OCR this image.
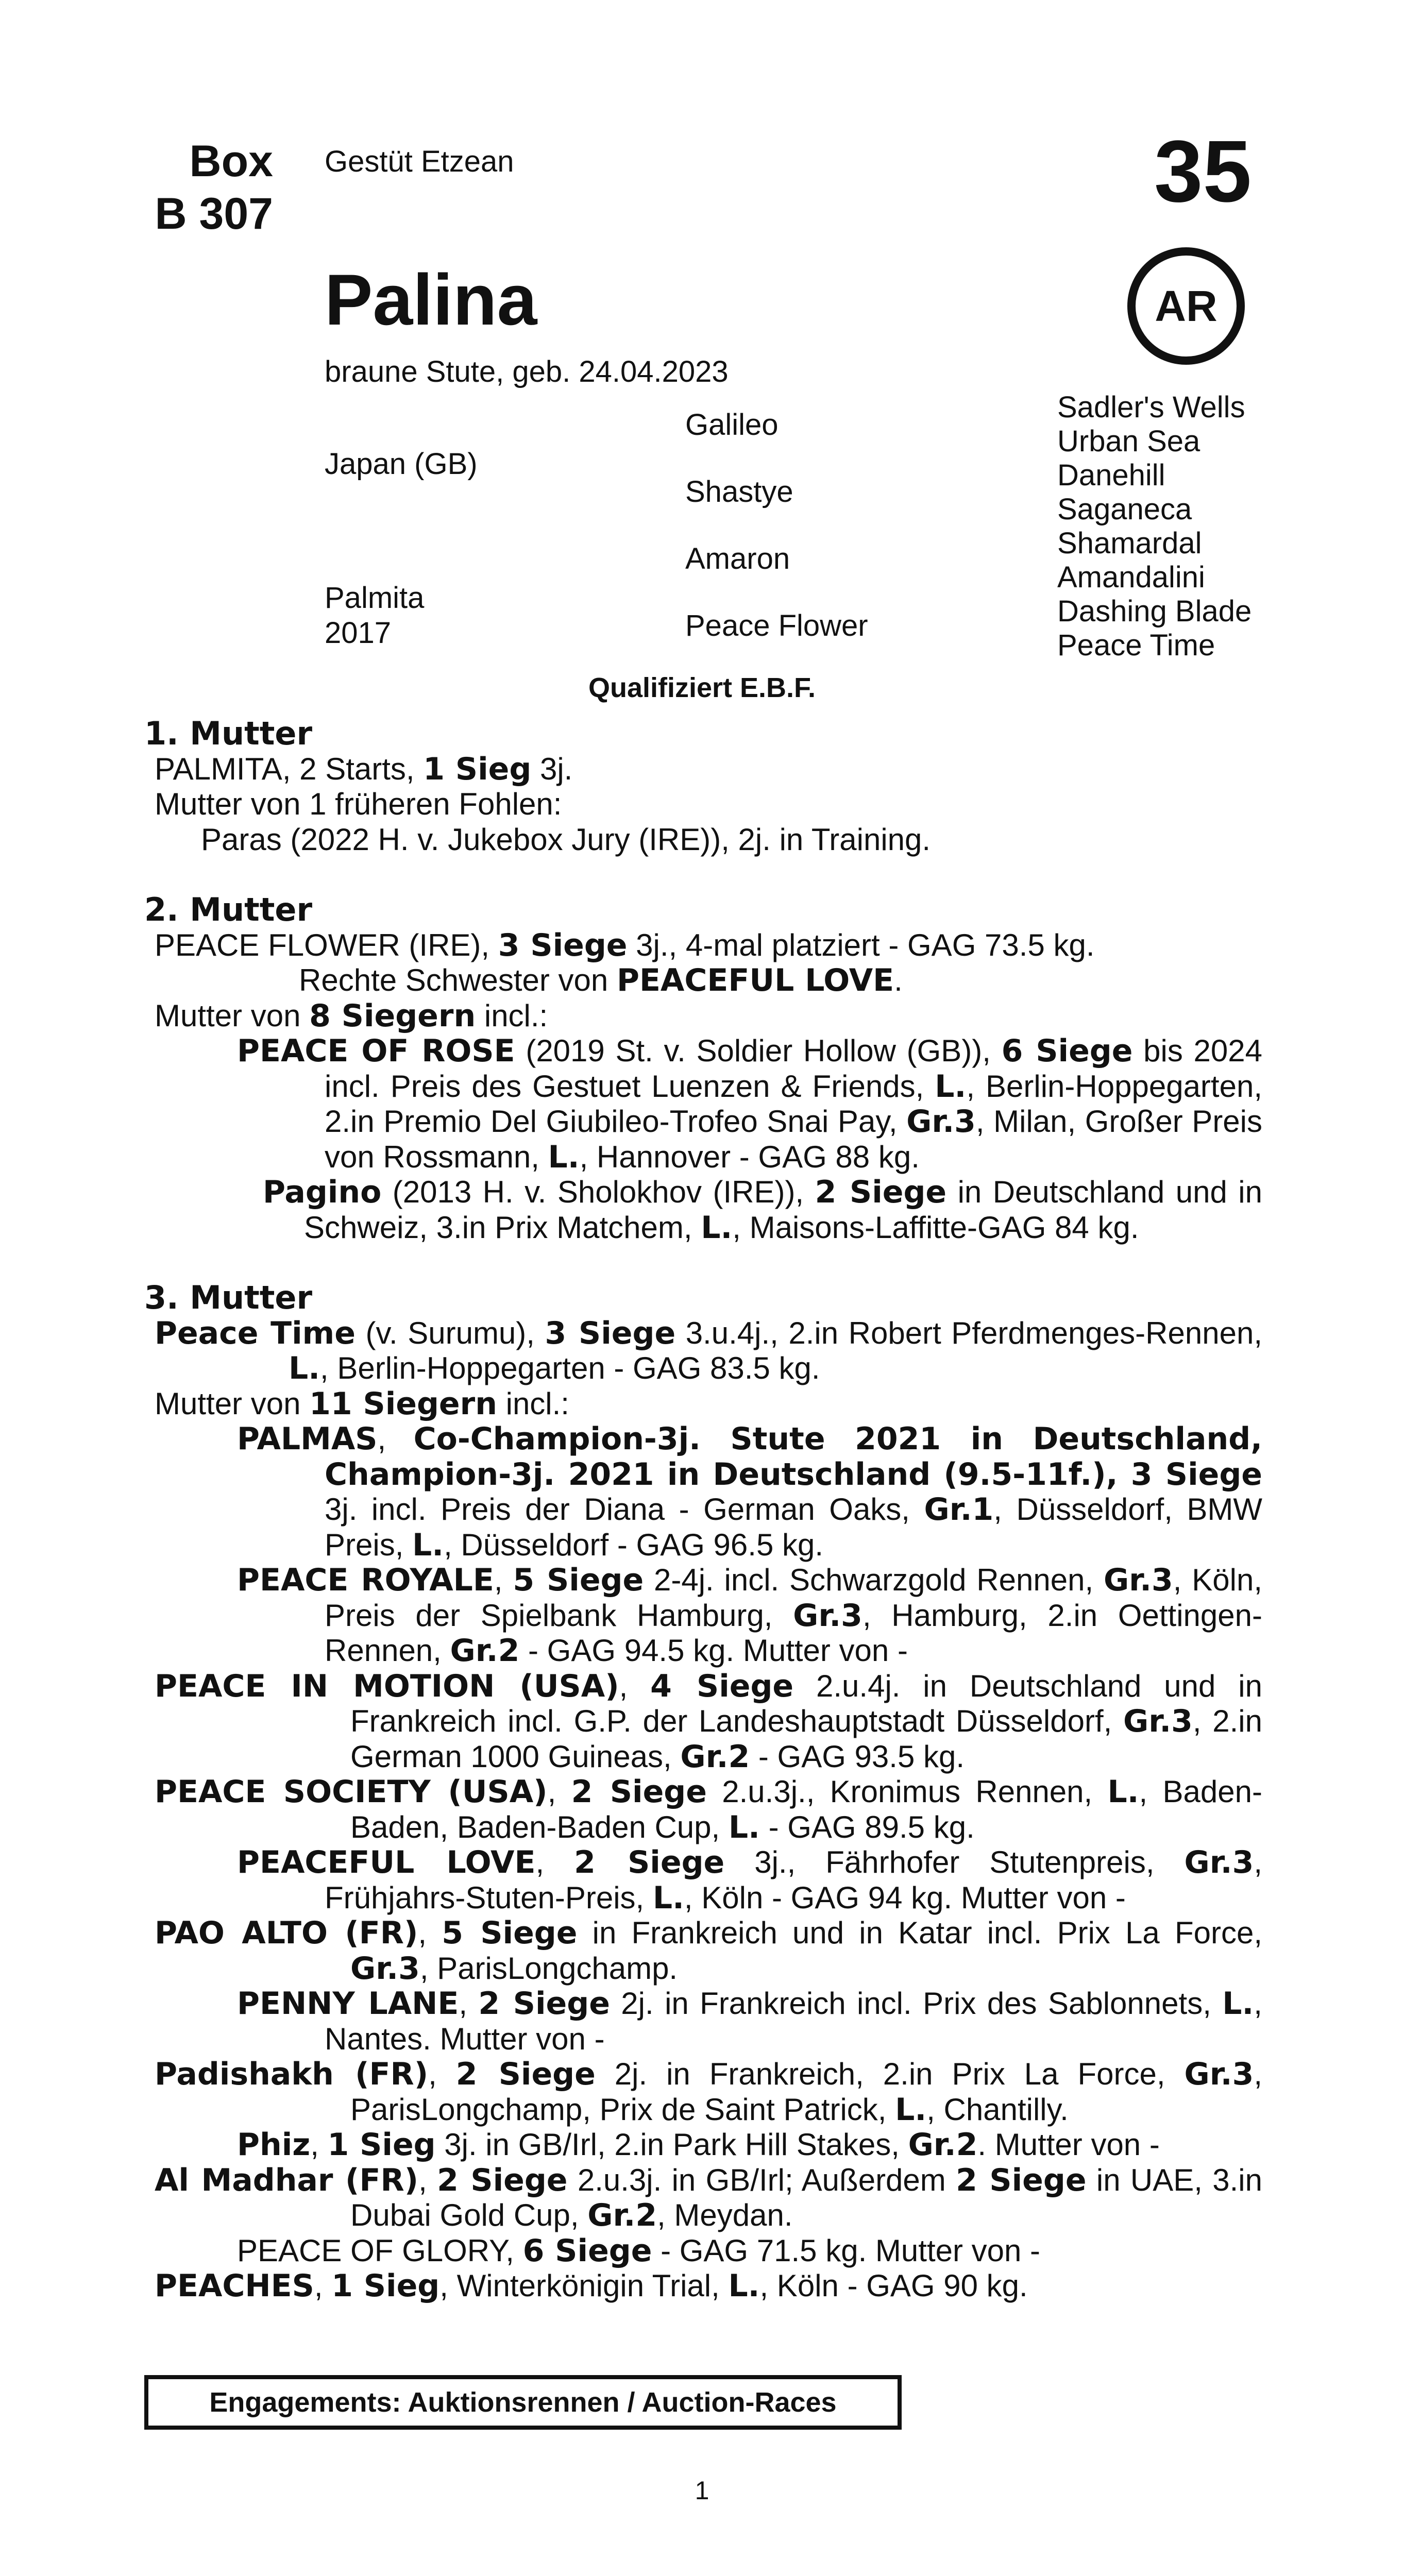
Box
B 307
Gestüt Etzean	35
AR
Palina
braune Stute, geb. 24.04.2023
Japan (GB)
Palmita
2017
Galileo
Shastye
Amaron
Peace Flower
Sadler's Wells
Urban Sea
Danehill
Saganeca
Shamardal
Amandalini
Dashing Blade
Peace Time
Qualifiziert E.B.F.
1. Mutter
PALMITA, 2 Starts, 1 Sieg 3j.
Mutter von 1 früheren Fohlen:
Paras (2022 H. v. Jukebox Jury (IRE)), 2j. in Training.
2. Mutter
PEACE FLOWER (IRE), 3 Siege 3j., 4-mal platziert - GAG 73.5 kg.
Rechte Schwester von PEACEFUL LOVE.
Mutter von 8 Siegern incl.:
PEACE OF ROSE (2019 St. v. Soldier Hollow (GB)), 6 Siege bis 2024 incl. Preis des Gestuet Luenzen & Friends, L., Berlin-Hoppegarten, 2.in Premio Del Giubileo-Trofeo Snai Pay, Gr.3, Milan, Großer Preis von Rossmann, L., Hannover - GAG 88 kg.
Pagino (2013 H. v. Sholokhov (IRE)), 2 Siege in Deutschland und in Schweiz, 3.in Prix Matchem, L., Maisons-Laffitte-GAG 84 kg.
3. Mutter
Peace Time (v. Surumu), 3 Siege 3.u.4j., 2.in Robert Pferdmenges-Rennen, L., Berlin-Hoppegarten - GAG 83.5 kg.
Mutter von 11 Siegern incl.:
PALMAS, Co-Champion-3j. Stute 2021 in Deutschland, Champion-3j. 2021 in Deutschland (9.5-11f.), 3 Siege 3j. incl. Preis der Diana - German Oaks, Gr.1, Düsseldorf, BMW Preis, L., Düsseldorf - GAG 96.5 kg.
PEACE ROYALE, 5 Siege 2-4j. incl. Schwarzgold Rennen, Gr.3, Köln, Preis der Spielbank Hamburg, Gr.3, Hamburg, 2.in Oettingen-Rennen, Gr.2 - GAG 94.5 kg. Mutter von -
PEACE IN MOTION (USA), 4 Siege 2.u.4j. in Deutschland und in Frankreich incl. G.P. der Landeshauptstadt Düsseldorf, Gr.3, 2.in German 1000 Guineas, Gr.2 - GAG 93.5 kg.
PEACE SOCIETY (USA), 2 Siege 2.u.3j., Kronimus Rennen, L., Baden-Baden, Baden-Baden Cup, L. - GAG 89.5 kg.
PEACEFUL LOVE, 2 Siege 3j., Fährhofer Stutenpreis, Gr.3, Frühjahrs-Stuten-Preis, L., Köln - GAG 94 kg. Mutter von -
PAO ALTO (FR), 5 Siege in Frankreich und in Katar incl. Prix La Force, Gr.3, ParisLongchamp.
PENNY LANE, 2 Siege 2j. in Frankreich incl. Prix des Sablonnets, L., Nantes. Mutter von -
Padishakh (FR), 2 Siege 2j. in Frankreich, 2.in Prix La Force, Gr.3, ParisLongchamp, Prix de Saint Patrick, L., Chantilly.
Phiz, 1 Sieg 3j. in GB/Irl, 2.in Park Hill Stakes, Gr.2. Mutter von -
Al Madhar (FR), 2 Siege 2.u.3j. in GB/Irl; Außerdem 2 Siege in UAE, 3.in Dubai Gold Cup, Gr.2, Meydan.
PEACE OF GLORY, 6 Siege - GAG 71.5 kg. Mutter von -
PEACHES, 1 Sieg, Winterkönigin Trial, L., Köln - GAG 90 kg.
Engagements: Auktionsrennen / Auction-Races
1
